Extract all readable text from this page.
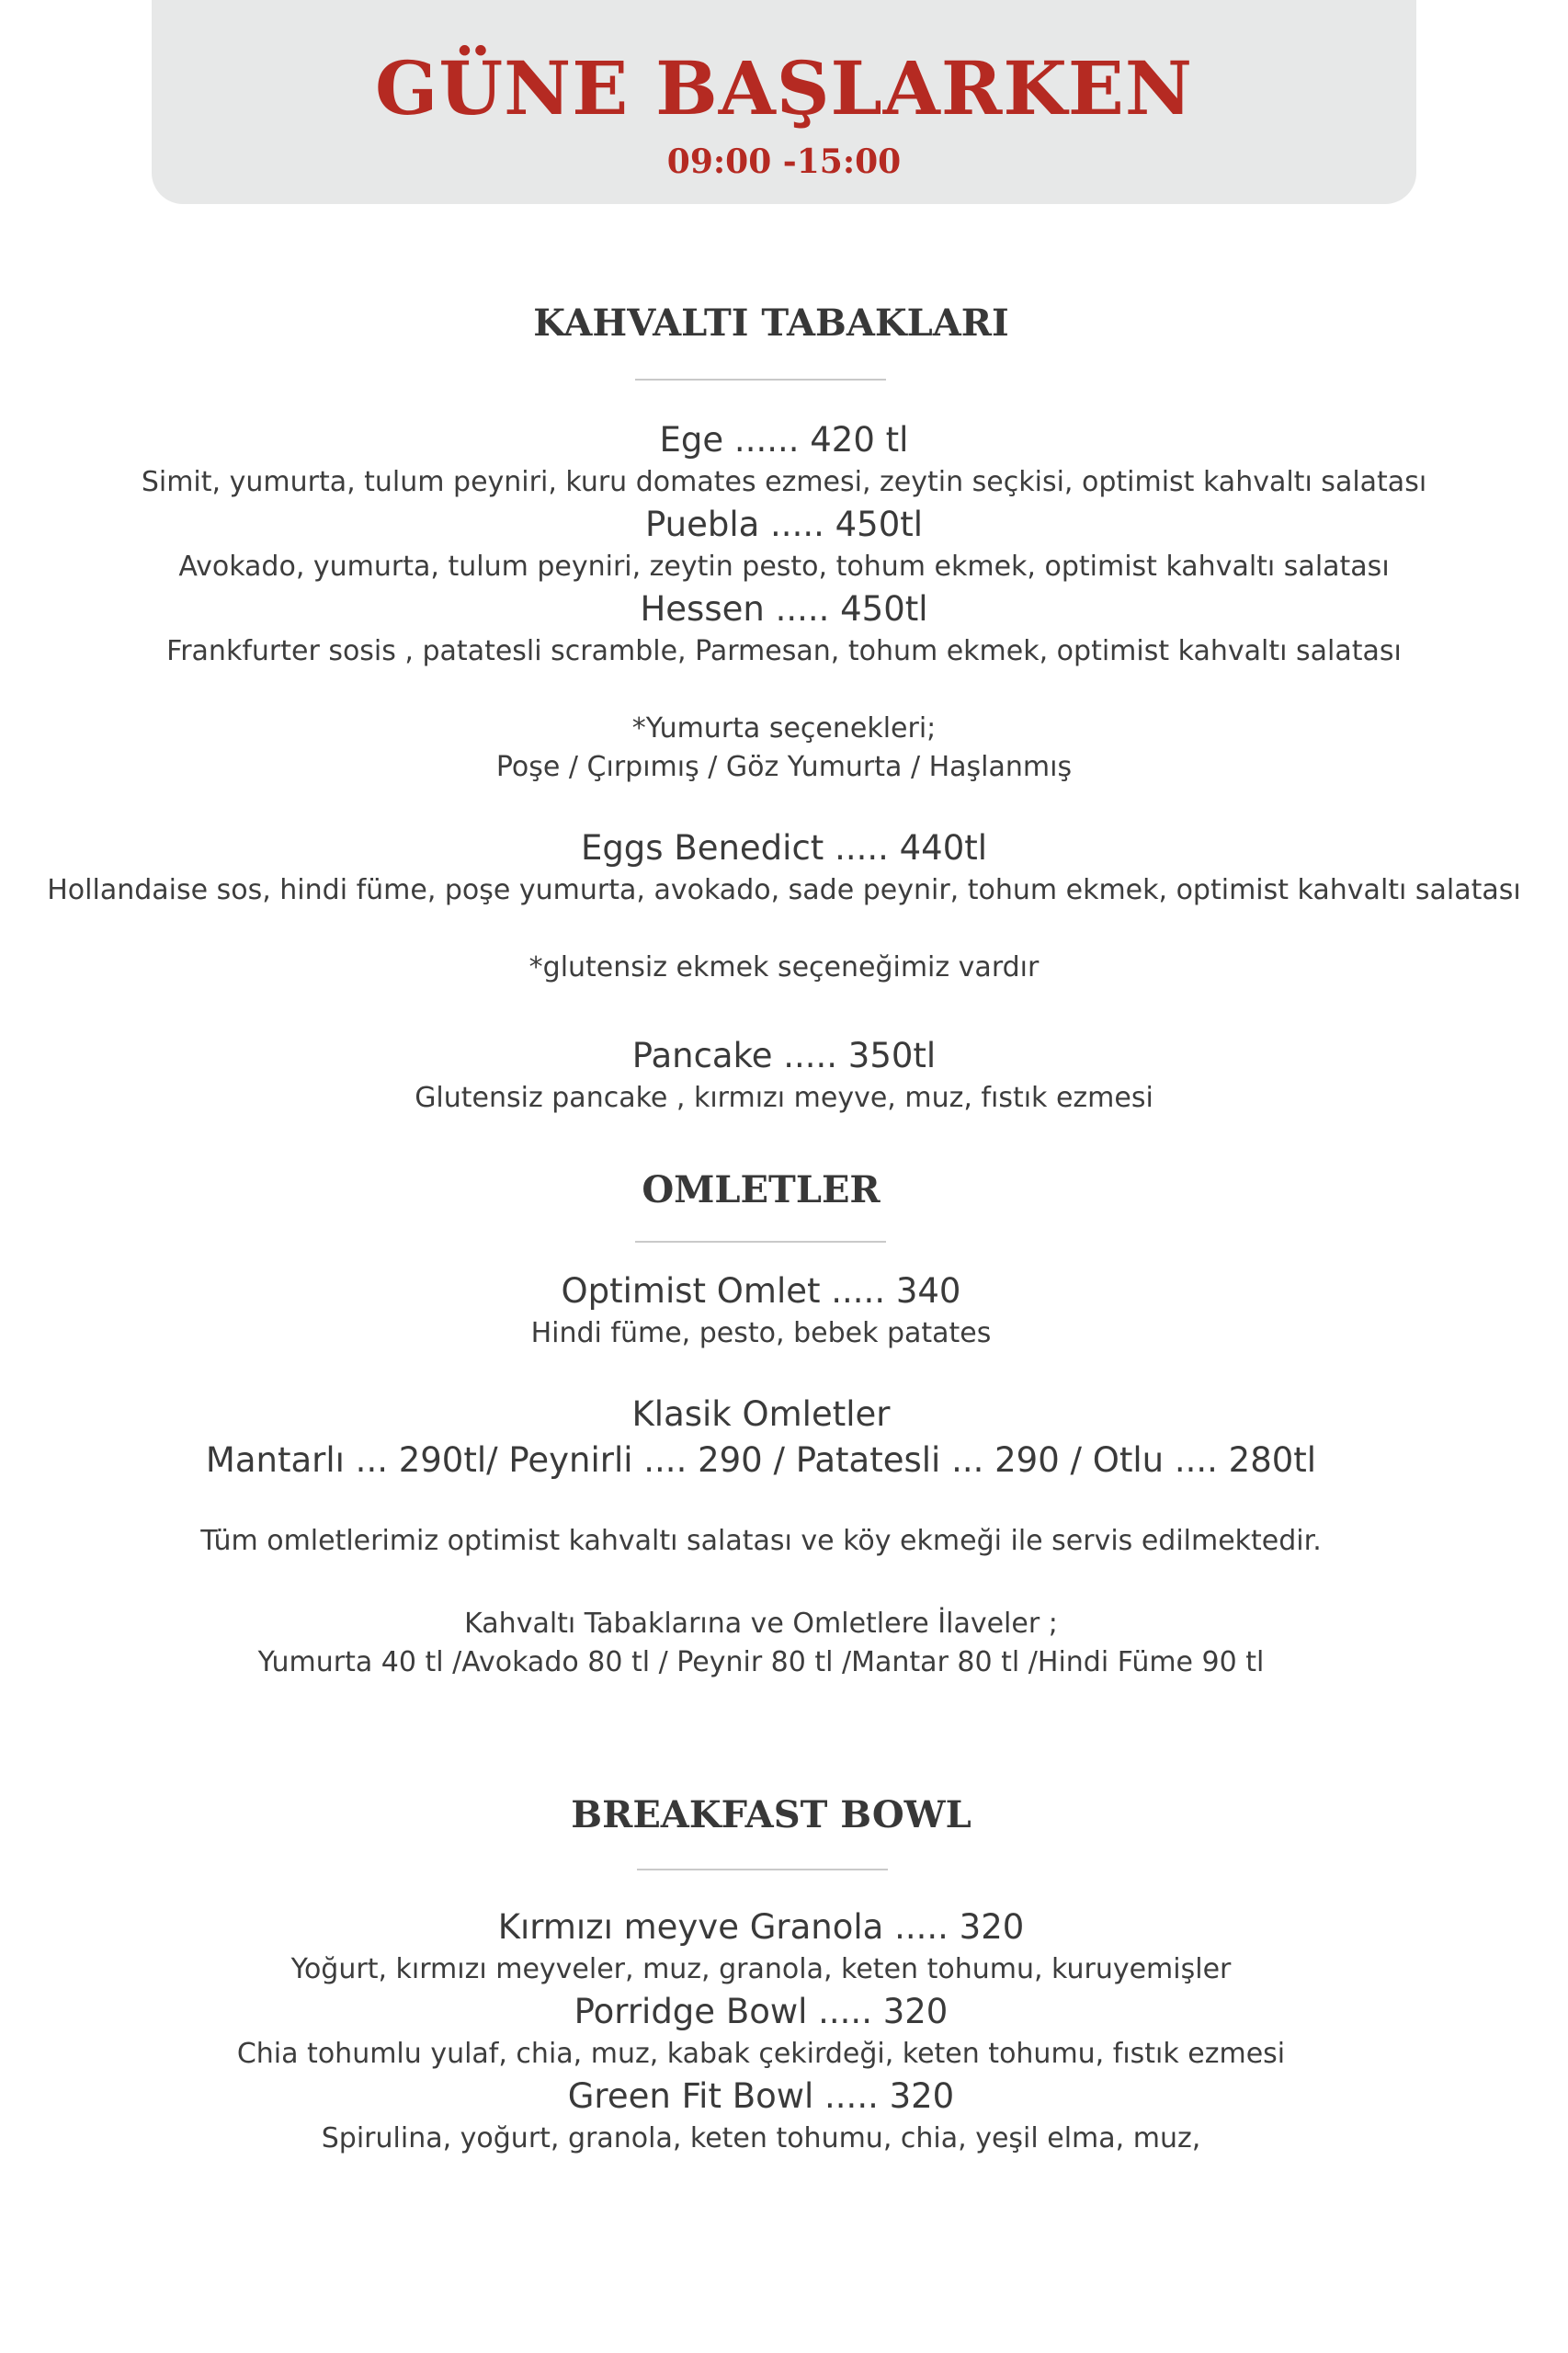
GÜNE BAŞLARKEN
09:00 -15:00
KAHVALTI TABAKLARI
Ege ...... 420 tl
Simit, yumurta, tulum peyniri, kuru domates ezmesi, zeytin seçkisi, optimist kahvaltı salatası
Puebla ..... 450tl
Avokado, yumurta, tulum peyniri, zeytin pesto, tohum ekmek, optimist kahvaltı salatası
Hessen ..... 450tl
Frankfurter sosis , patatesli scramble, Parmesan, tohum ekmek, optimist kahvaltı salatası
*Yumurta seçenekleri;
Poşe / Çırpımış / Göz Yumurta / Haşlanmış
Eggs Benedict ..... 440tl
Hollandaise sos, hindi füme, poşe yumurta, avokado, sade peynir, tohum ekmek, optimist kahvaltı salatası
*glutensiz ekmek seçeneğimiz vardır
Pancake ..... 350tl
Glutensiz pancake , kırmızı meyve, muz, fıstık ezmesi
OMLETLER
Optimist Omlet ..... 340
Hindi füme, pesto, bebek patates
Klasik Omletler
Mantarlı ... 290tl/ Peynirli .... 290 / Patatesli ... 290 / Otlu .... 280tl
Tüm omletlerimiz optimist kahvaltı salatası ve köy ekmeği ile servis edilmektedir.
Kahvaltı Tabaklarına ve Omletlere İlaveler ;
Yumurta 40 tl /Avokado 80 tl / Peynir 80 tl /Mantar 80 tl /Hindi Füme 90 tl
BREAKFAST BOWL
Kırmızı meyve Granola ..... 320
Yoğurt, kırmızı meyveler, muz, granola, keten tohumu, kuruyemişler
Porridge Bowl ..... 320
Chia tohumlu yulaf, chia, muz, kabak çekirdeği, keten tohumu, fıstık ezmesi
Green Fit Bowl ..... 320
Spirulina, yoğurt, granola, keten tohumu, chia, yeşil elma, muz,
